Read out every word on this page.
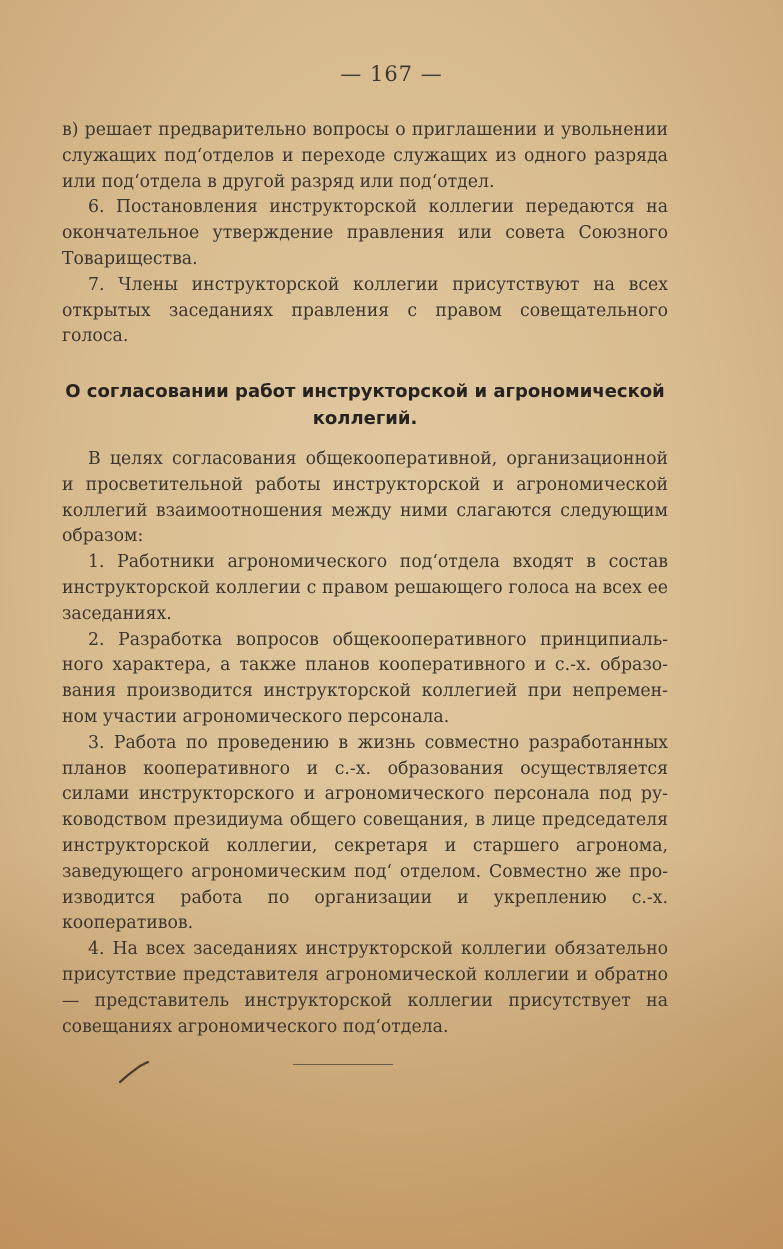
— 167 —

в) решает предварительно вопросы о приглашении и увольнении служащих под‘отделов и переходе служащих из одного разряда или под‘отдела в другой разряд или под‘отдел.

6. Постановления инструкторской коллегии передаются на окончательное утверждение правления или совета Союзного Товарищества.

7. Члены инструкторской коллегии присутствуют на всех открытых заседаниях правления с правом совещательного голоса.

О согласовании работ инструкторской и агрономической коллегий.

В целях согласования общекооперативной, организационной и просветительной работы инструкторской и агрономической коллегий взаимоотношения между ними слагаются следующим образом:

1. Работники агрономического под‘отдела входят в состав инструкторской коллегии с правом решающего голоса на всех ее заседаниях.

2. Разработка вопросов общекооперативного принципиального характера, а также планов кооперативного и с.-х. образования производится инструкторской коллегией при непременном участии агрономического персонала.

3. Работа по проведению в жизнь совместно разработанных планов кооперативного и с.-х. образования осуществляется силами инструкторского и агрономического персонала под руководством президиума общего совещания, в лице председателя инструкторской коллегии, секретаря и старшего агронома, заведующего агрономическим под‘ отделом. Совместно же производится работа по организации и укреплению с.-х. кооперативов.

4. На всех заседаниях инструкторской коллегии обязательно присутствие представителя агрономической коллегии и обратно— представитель инструкторской коллегии присутствует на совещаниях агрономического под‘отдела.
